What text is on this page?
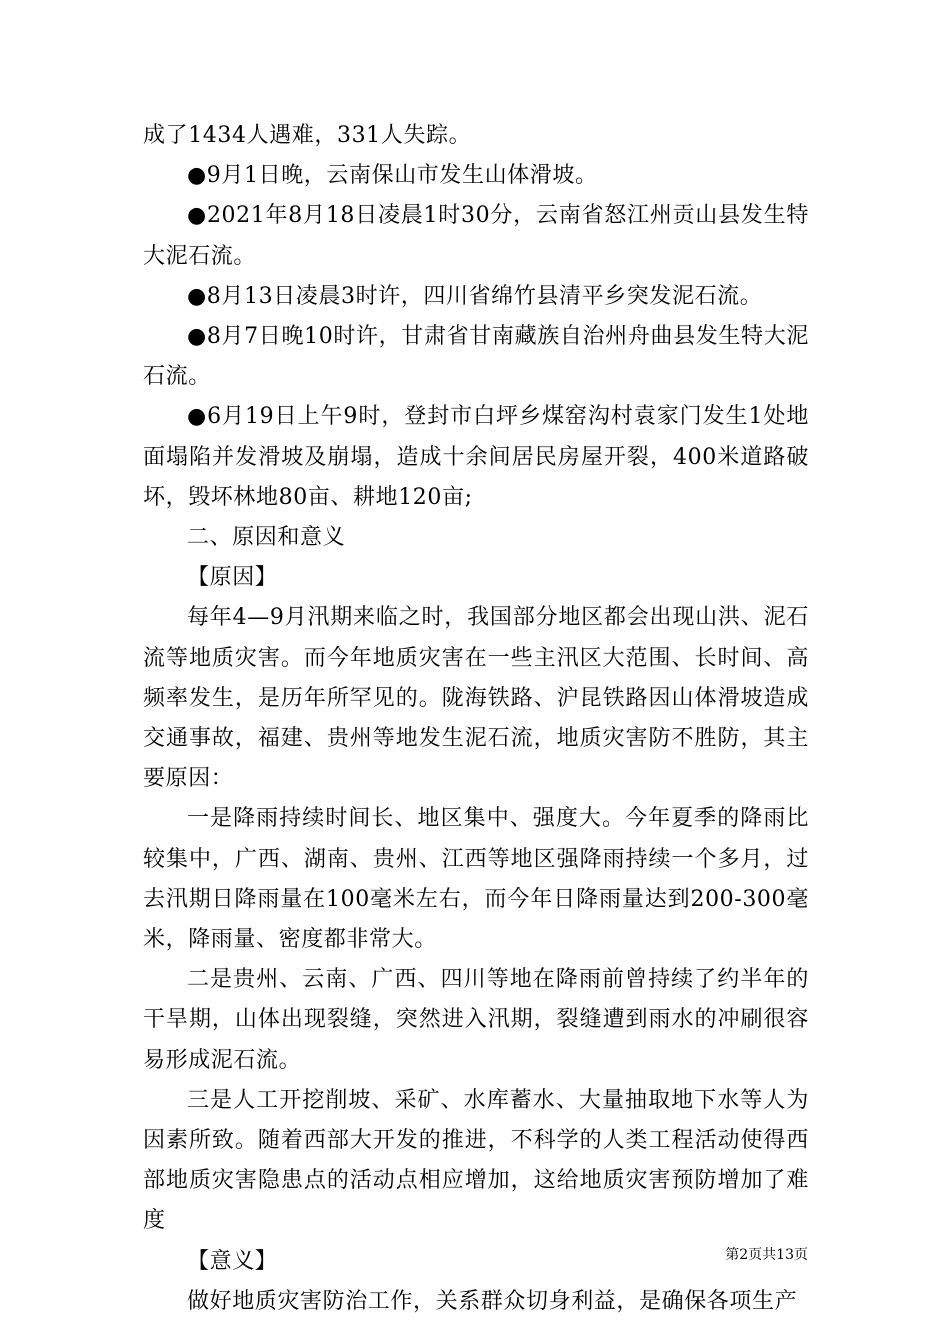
成了1434人遇难，331人失踪。

●9月1日晚，云南保山市发生山体滑坡。

●2021年8月18日凌晨1时30分，云南省怒江州贡山县发生特大泥石流。

●8月13日凌晨3时许，四川省绵竹县清平乡突发泥石流。

●8月7日晚10时许，甘肃省甘南藏族自治州舟曲县发生特大泥石流。

●6月19日上午9时，登封市白坪乡煤窑沟村袁家门发生1处地面塌陷并发滑坡及崩塌，造成十余间居民房屋开裂，400米道路破坏，毁坏林地80亩、耕地120亩;

二、原因和意义

【原因】

每年4—9月汛期来临之时，我国部分地区都会出现山洪、泥石流等地质灾害。而今年地质灾害在一些主汛区大范围、长时间、高频率发生，是历年所罕见的。陇海铁路、沪昆铁路因山体滑坡造成交通事故，福建、贵州等地发生泥石流，地质灾害防不胜防，其主要原因：

一是降雨持续时间长、地区集中、强度大。今年夏季的降雨比较集中，广西、湖南、贵州、江西等地区强降雨持续一个多月，过去汛期日降雨量在100毫米左右，而今年日降雨量达到200-300毫米，降雨量、密度都非常大。

二是贵州、云南、广西、四川等地在降雨前曾持续了约半年的干旱期，山体出现裂缝，突然进入汛期，裂缝遭到雨水的冲刷很容易形成泥石流。

三是人工开挖削坡、采矿、水库蓄水、大量抽取地下水等人为因素所致。随着西部大开发的推进，不科学的人类工程活动使得西部地质灾害隐患点的活动点相应增加，这给地质灾害预防增加了难度

【意义】

做好地质灾害防治工作，关系群众切身利益，是确保各项生产

第2页共13页
